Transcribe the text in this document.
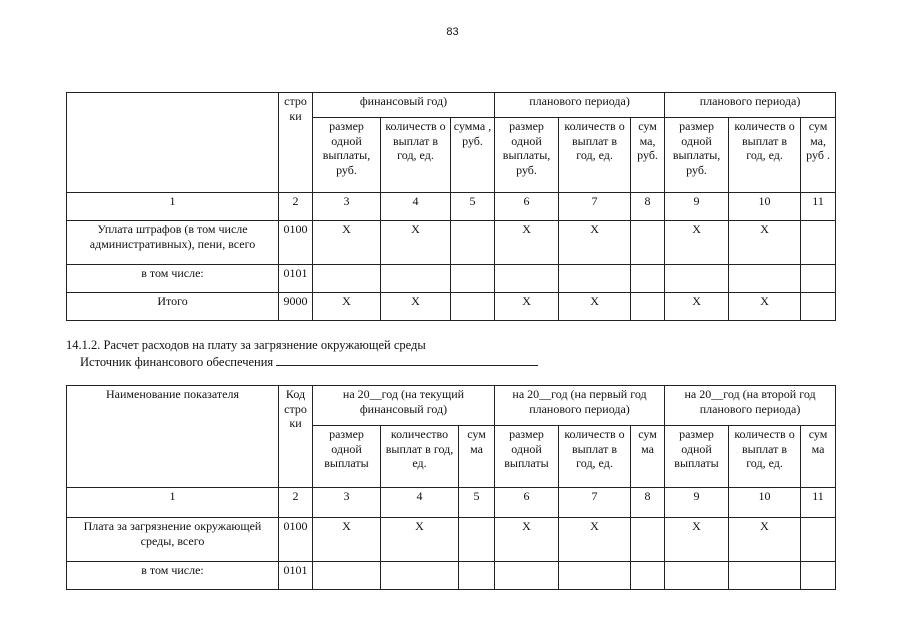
83
	стро ки	финансовый год)			планового периода)			планового периода)		
		размер одной выплаты, руб.	количеств о выплат в год, ед.	сумма , руб.	размер одной выплаты, руб.	количеств о выплат в год, ед.	сум ма, руб.	размер одной выплаты, руб.	количеств о выплат в год, ед.	сум ма, руб .
1	2	3	4	5	6	7	8	9	10	11
Уплата штрафов (в том числе административных), пени, всего	0100	X	X		X	X		X	X	
в том числе:	0101									
Итого	9000	X	X		X	X		X	X	
14.1.2. Расчет расходов на плату за загрязнение окружающей среды
Источник финансового обеспечения
Наименование показателя	Код стро ки	на 20__год (на текущий финансовый год)			на 20__год (на первый год планового периода)			на 20__год (на второй год планового периода)		
		размер одной выплаты	количество выплат в год, ед.	сум ма	размер одной выплаты	количеств о выплат в год, ед.	сум ма	размер одной выплаты	количеств о выплат в год, ед.	сум ма
1	2	3	4	5	6	7	8	9	10	11
Плата за загрязнение окружающей среды, всего	0100	X	X		X	X		X	X	
в том числе:	0101									
